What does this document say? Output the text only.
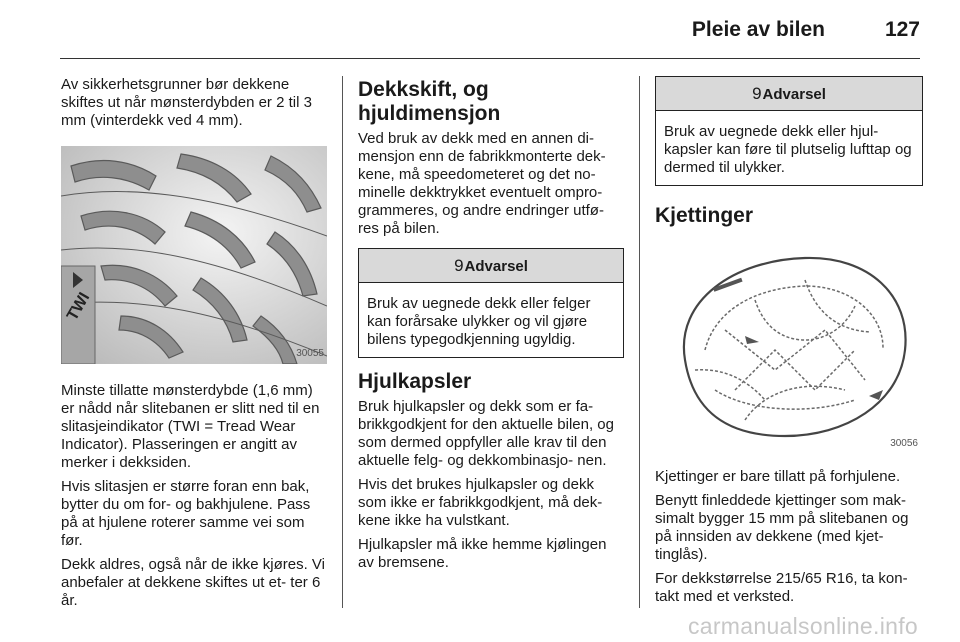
Pleie av bilen	127

Av sikkerhetsgrunner bør dekkene skiftes ut når mønsterdybden er 2 til 3 mm (vinterdekk ved 4 mm).

TWI
30055

Minste tillatte mønsterdybde (1,6 mm) er nådd når slitebanen er slitt ned til en slitasjeindikator (TWI = Tread Wear Indicator). Plasseringen er angitt av merker i dekksiden.

Hvis slitasjen er større foran enn bak, bytter du om for- og bakhjulene. Pass på at hjulene roterer samme vei som før.

Dekk aldres, også når de ikke kjøres. Vi anbefaler at dekkene skiftes ut et- ter 6 år.

Dekkskift, og hjuldimensjon

Ved bruk av dekk med en annen di- mensjon enn de fabrikkmonterte dek- kene, må speedometeret og det no- minelle dekktrykket eventuelt ompro- grammeres, og andre endringer utfø- res på bilen.

9Advarsel
Bruk av uegnede dekk eller felger kan forårsake ulykker og vil gjøre bilens typegodkjenning ugyldig.
Hjulkapsler

Bruk hjulkapsler og dekk som er fa- brikkgodkjent for den aktuelle bilen, og som dermed oppfyller alle krav til den aktuelle felg- og dekkombinasjo- nen.

Hvis det brukes hjulkapsler og dekk som ikke er fabrikkgodkjent, må dek- kene ikke ha vulstkant.

Hjulkapsler må ikke hemme kjølingen av bremsene.

9Advarsel
Bruk av uegnede dekk eller hjul- kapsler kan føre til plutselig lufttap og dermed til ulykker.
Kjettinger
30056

Kjettinger er bare tillatt på forhjulene.

Benytt finleddede kjettinger som mak- simalt bygger 15 mm på slitebanen og på innsiden av dekkene (med kjet- tinglås).

For dekkstørrelse 215/65 R16, ta kon- takt med et verksted.

carmanualsonline.info
